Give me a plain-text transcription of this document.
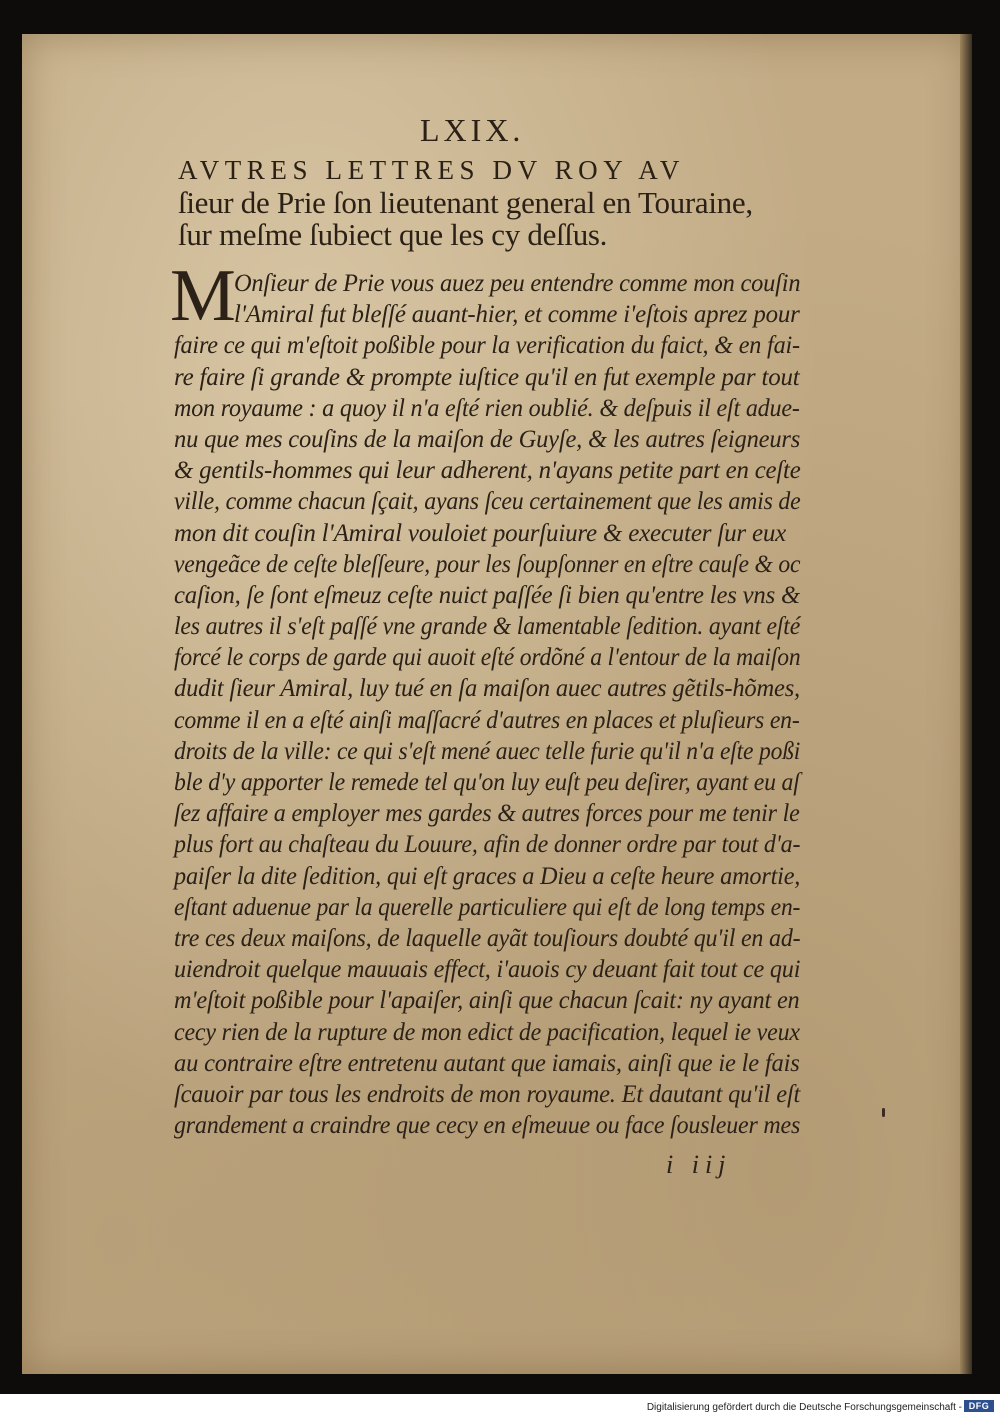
LXIX.
AVTRES LETTRES DV ROY AV
ſieur de Prie ſon lieutenant general en Touraine,
ſur meſme ſubiect que les cy deſſus.
M
Onſieur de Prie vous auez peu entendre comme mon couſin
l'Amiral fut bleſſé auant-hier, et comme i'eſtois aprez pour
faire ce qui m'eſtoit poßible pour la verification du faict, & en fai-
re faire ſi grande & prompte iuſtice qu'il en fut exemple par tout
mon royaume : a quoy il n'a eſté rien oublié. & deſpuis il eſt adue-
nu que mes couſins de la maiſon de Guyſe, & les autres ſeigneurs
& gentils-hommes qui leur adherent, n'ayans petite part en ceſte
ville, comme chacun ſçait, ayans ſceu certainement que les amis de
mon dit couſin l'Amiral vouloiet pourſuiure & executer ſur eux
vengeãce de ceſte bleſſeure, pour les ſoupſonner en eſtre cauſe & oc
caſion, ſe ſont eſmeuz ceſte nuict paſſée ſi bien qu'entre les vns &
les autres il s'eſt paſſé vne grande & lamentable ſedition. ayant eſté
forcé le corps de garde qui auoit eſté ordõné a l'entour de la maiſon
dudit ſieur Amiral, luy tué en ſa maiſon auec autres gẽtils-hõmes,
comme il en a eſté ainſi maſſacré d'autres en places et pluſieurs en-
droits de la ville: ce qui s'eſt mené auec telle furie qu'il n'a eſte poßi
ble d'y apporter le remede tel qu'on luy euſt peu deſirer, ayant eu aſ
ſez affaire a employer mes gardes & autres forces pour me tenir le
plus fort au chaſteau du Louure, afin de donner ordre par tout d'a-
paiſer la dite ſedition, qui eſt graces a Dieu a ceſte heure amortie,
eſtant aduenue par la querelle particuliere qui eſt de long temps en-
tre ces deux maiſons, de laquelle ayãt touſiours doubté qu'il en ad-
uiendroit quelque mauuais effect, i'auois cy deuant fait tout ce qui
m'eſtoit poßible pour l'apaiſer, ainſi que chacun ſcait: ny ayant en
cecy rien de la rupture de mon edict de pacification, lequel ie veux
au contraire eſtre entretenu autant que iamais, ainſi que ie le fais
ſcauoir par tous les endroits de mon royaume. Et dautant qu'il eſt
grandement a craindre que cecy en eſmeuue ou face ſousleuer mes
i iij
Digitalisierung gefördert durch die Deutsche Forschungsgemeinschaft - DFG
